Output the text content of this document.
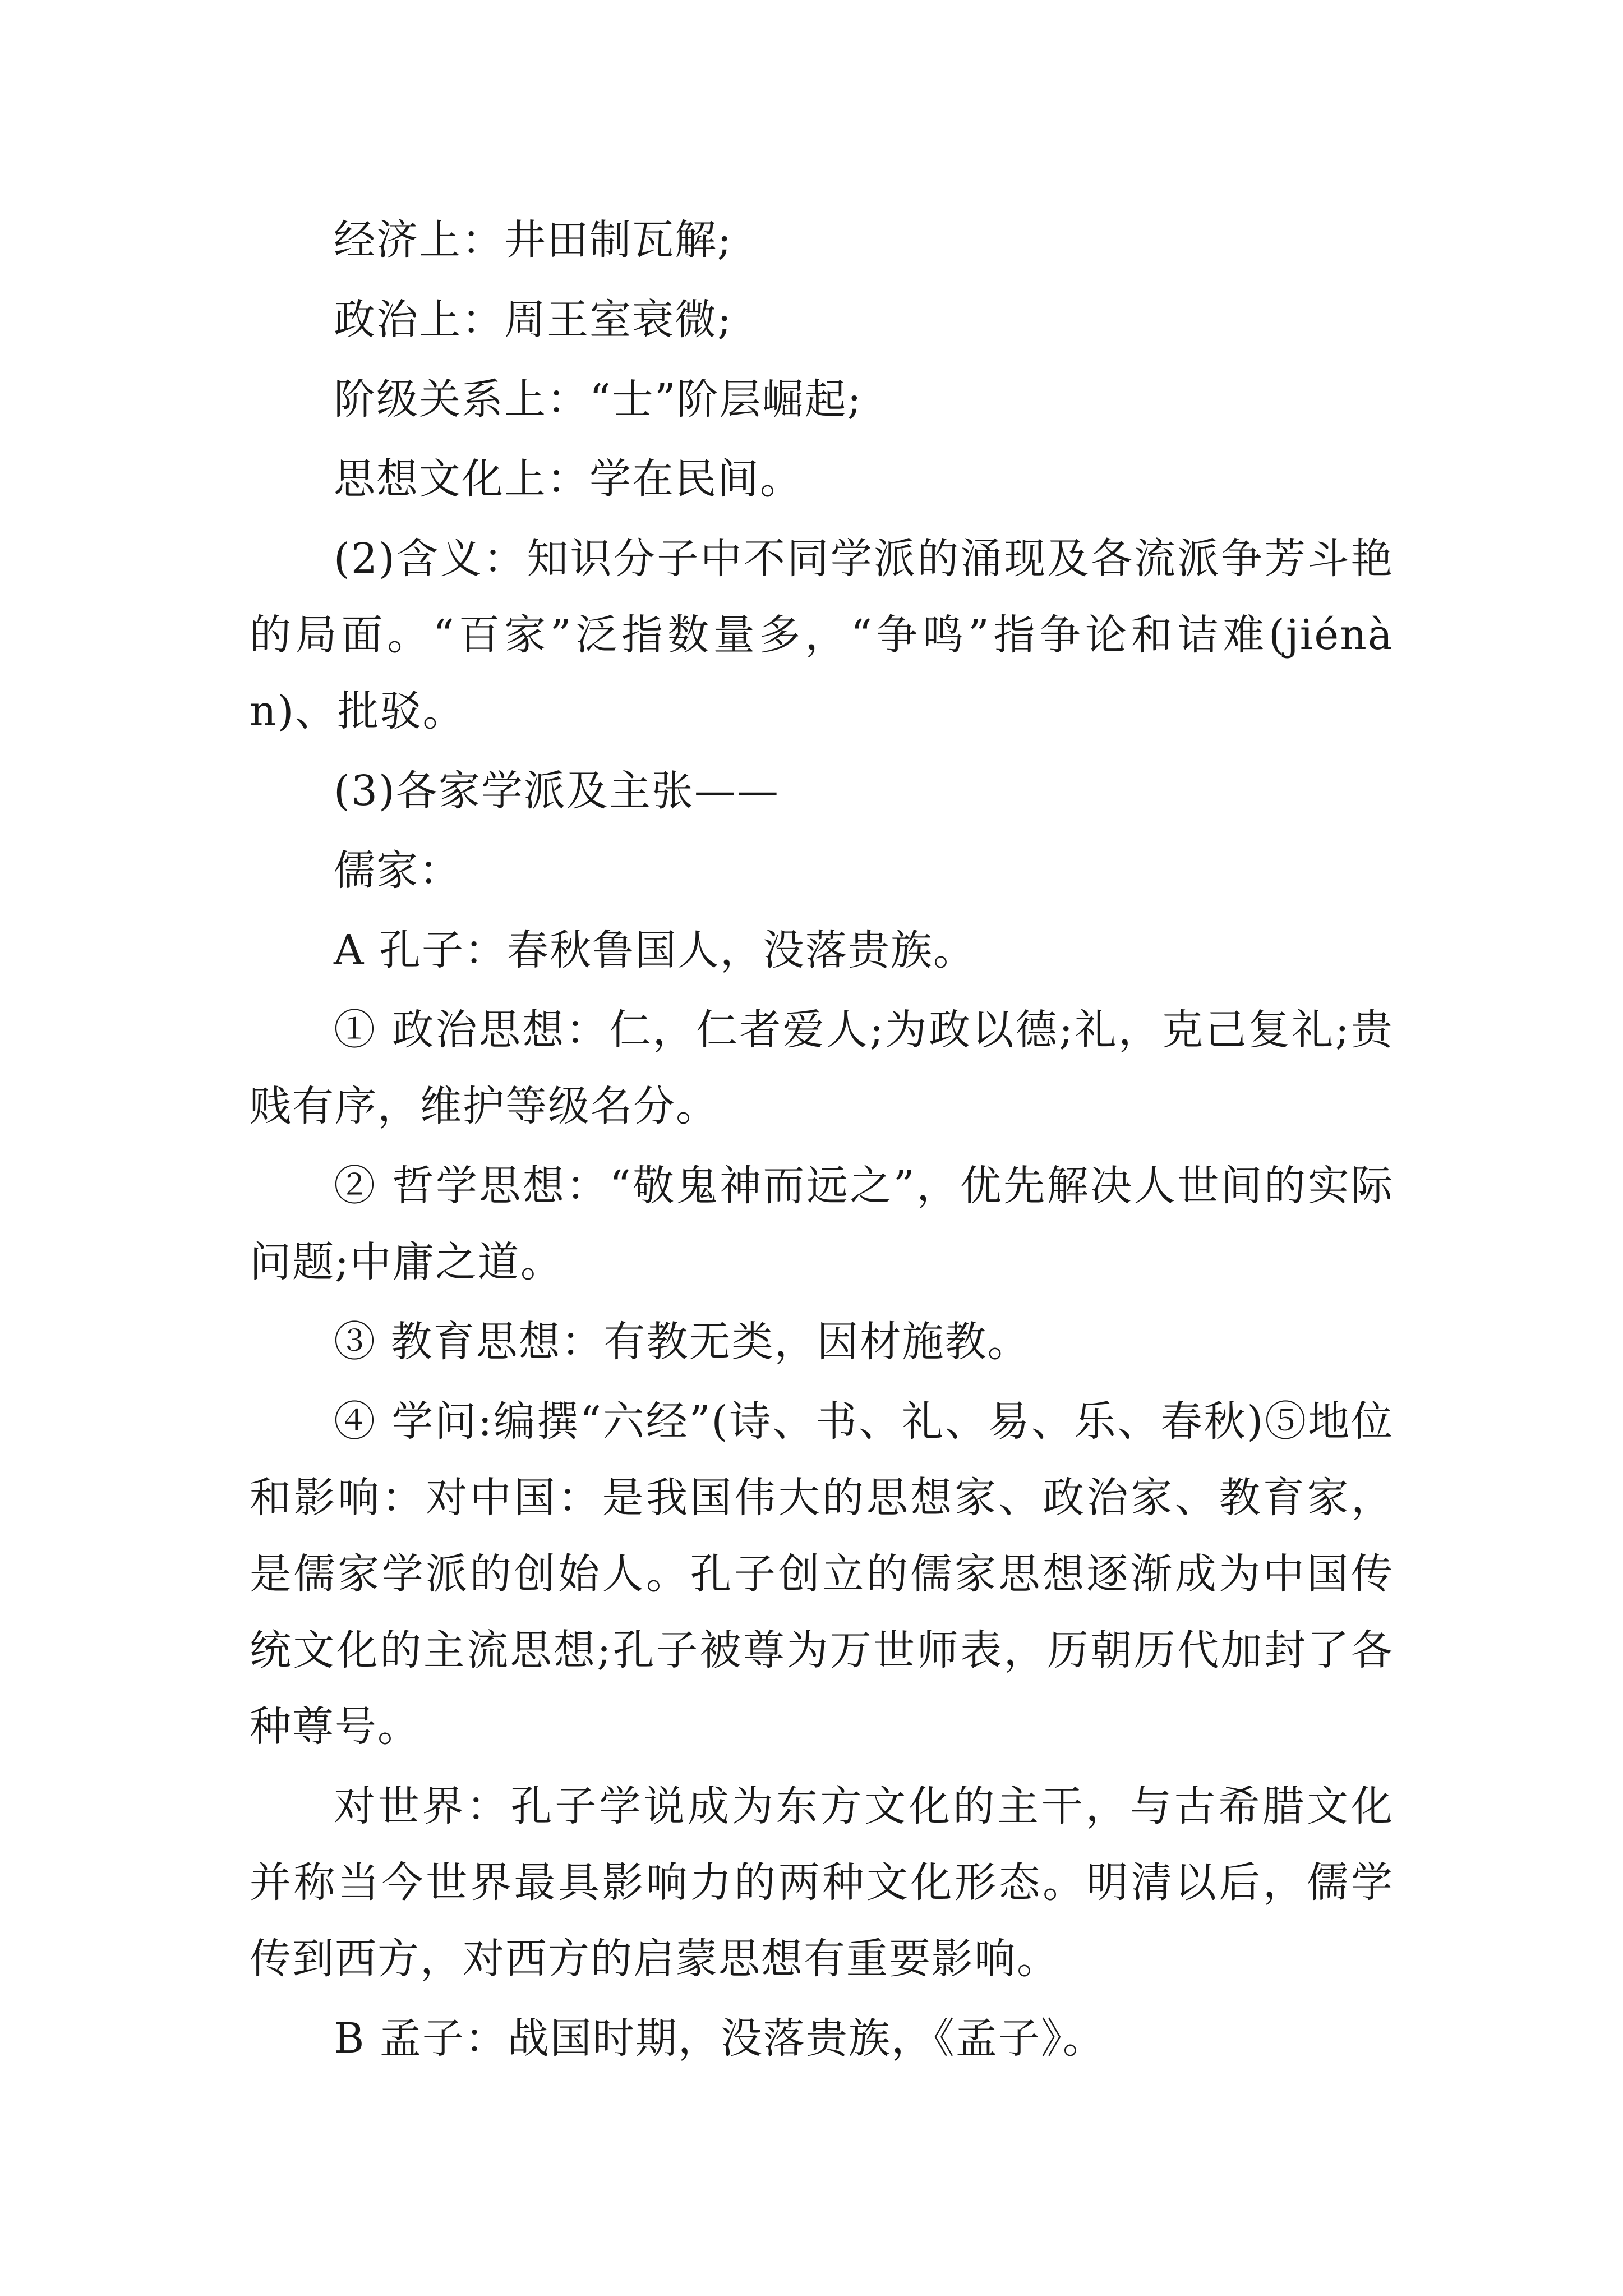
经济上：井田制瓦解;

政治上：周王室衰微;

阶级关系上：“士”阶层崛起;

思想文化上：学在民间。

(2)含义：知识分子中不同学派的涌现及各流派争芳斗艳的局面。“百家”泛指数量多，“争鸣”指争论和诘难(jiénàn)、批驳。

(3)各家学派及主张——

儒家：

A 孔子：春秋鲁国人，没落贵族。

① 政治思想：仁，仁者爱人;为政以德;礼，克己复礼;贵贱有序，维护等级名分。

② 哲学思想：“敬鬼神而远之”，优先解决人世间的实际问题;中庸之道。

③ 教育思想：有教无类，因材施教。

④ 学问:编撰“六经”(诗、书、礼、易、乐、春秋)⑤地位和影响：对中国：是我国伟大的思想家、政治家、教育家，是儒家学派的创始人。孔子创立的儒家思想逐渐成为中国传统文化的主流思想;孔子被尊为万世师表，历朝历代加封了各种尊号。

对世界：孔子学说成为东方文化的主干，与古希腊文化并称当今世界最具影响力的两种文化形态。明清以后，儒学传到西方，对西方的启蒙思想有重要影响。

B 孟子：战国时期，没落贵族，《孟子》。
